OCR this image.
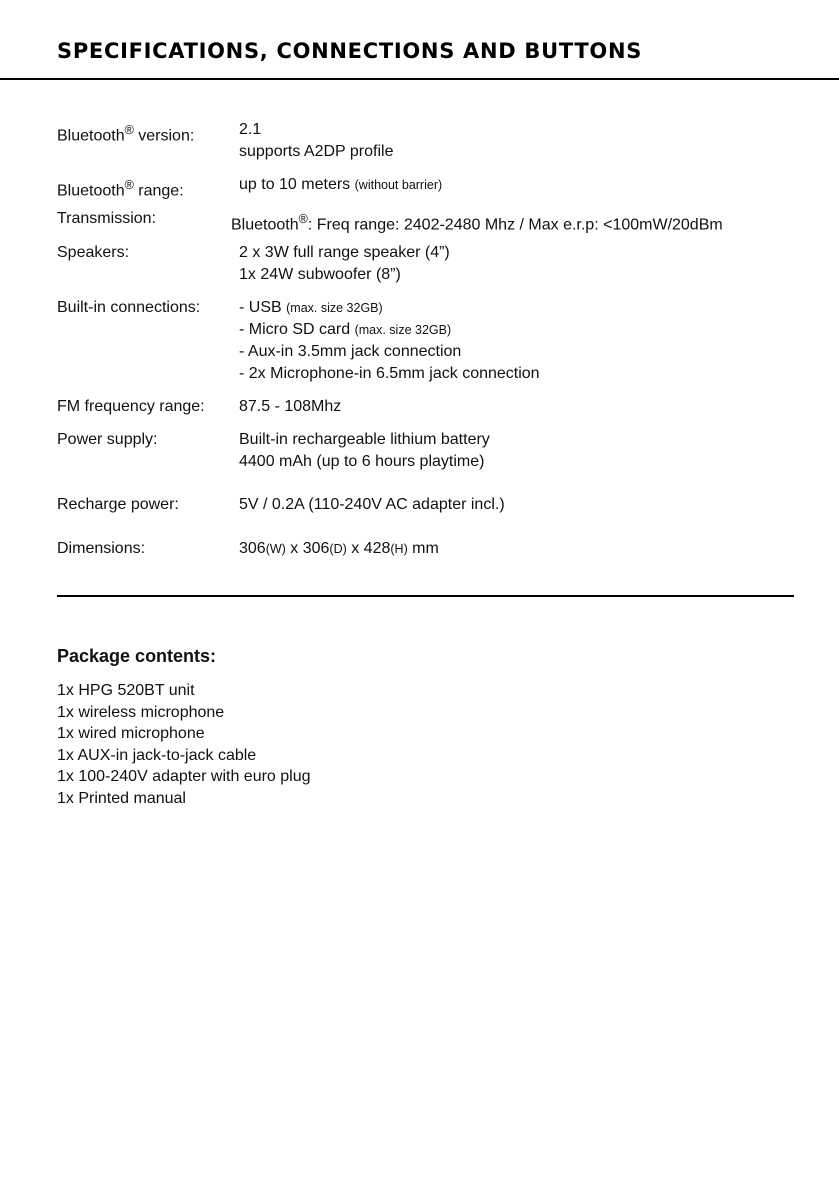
SPECIFICATIONS, CONNECTIONS AND BUTTONS
Bluetooth® version:	2.1
supports A2DP profile
Bluetooth® range:	up to 10 meters (without barrier)
Transmission:	Bluetooth®: Freq range: 2402-2480 Mhz / Max e.r.p: <100mW/20dBm
Speakers:	2 x 3W full range speaker (4”)
1x 24W subwoofer (8”)
Built-in connections: - USB (max. size 32GB)
- Micro SD card (max. size 32GB)
- Aux-in 3.5mm jack connection
- 2x Microphone-in 6.5mm jack connection
FM frequency range: 87.5 - 108Mhz
Power supply:	Built-in rechargeable lithium battery
4400 mAh (up to 6 hours playtime)
Recharge power:	5V / 0.2A (110-240V AC adapter incl.)
Dimensions:	306(W) x 306(D) x 428(H) mm
Package contents:
1x HPG 520BT unit
1x wireless microphone
1x wired microphone
1x AUX-in jack-to-jack cable
1x 100-240V adapter with euro plug
1x Printed manual
